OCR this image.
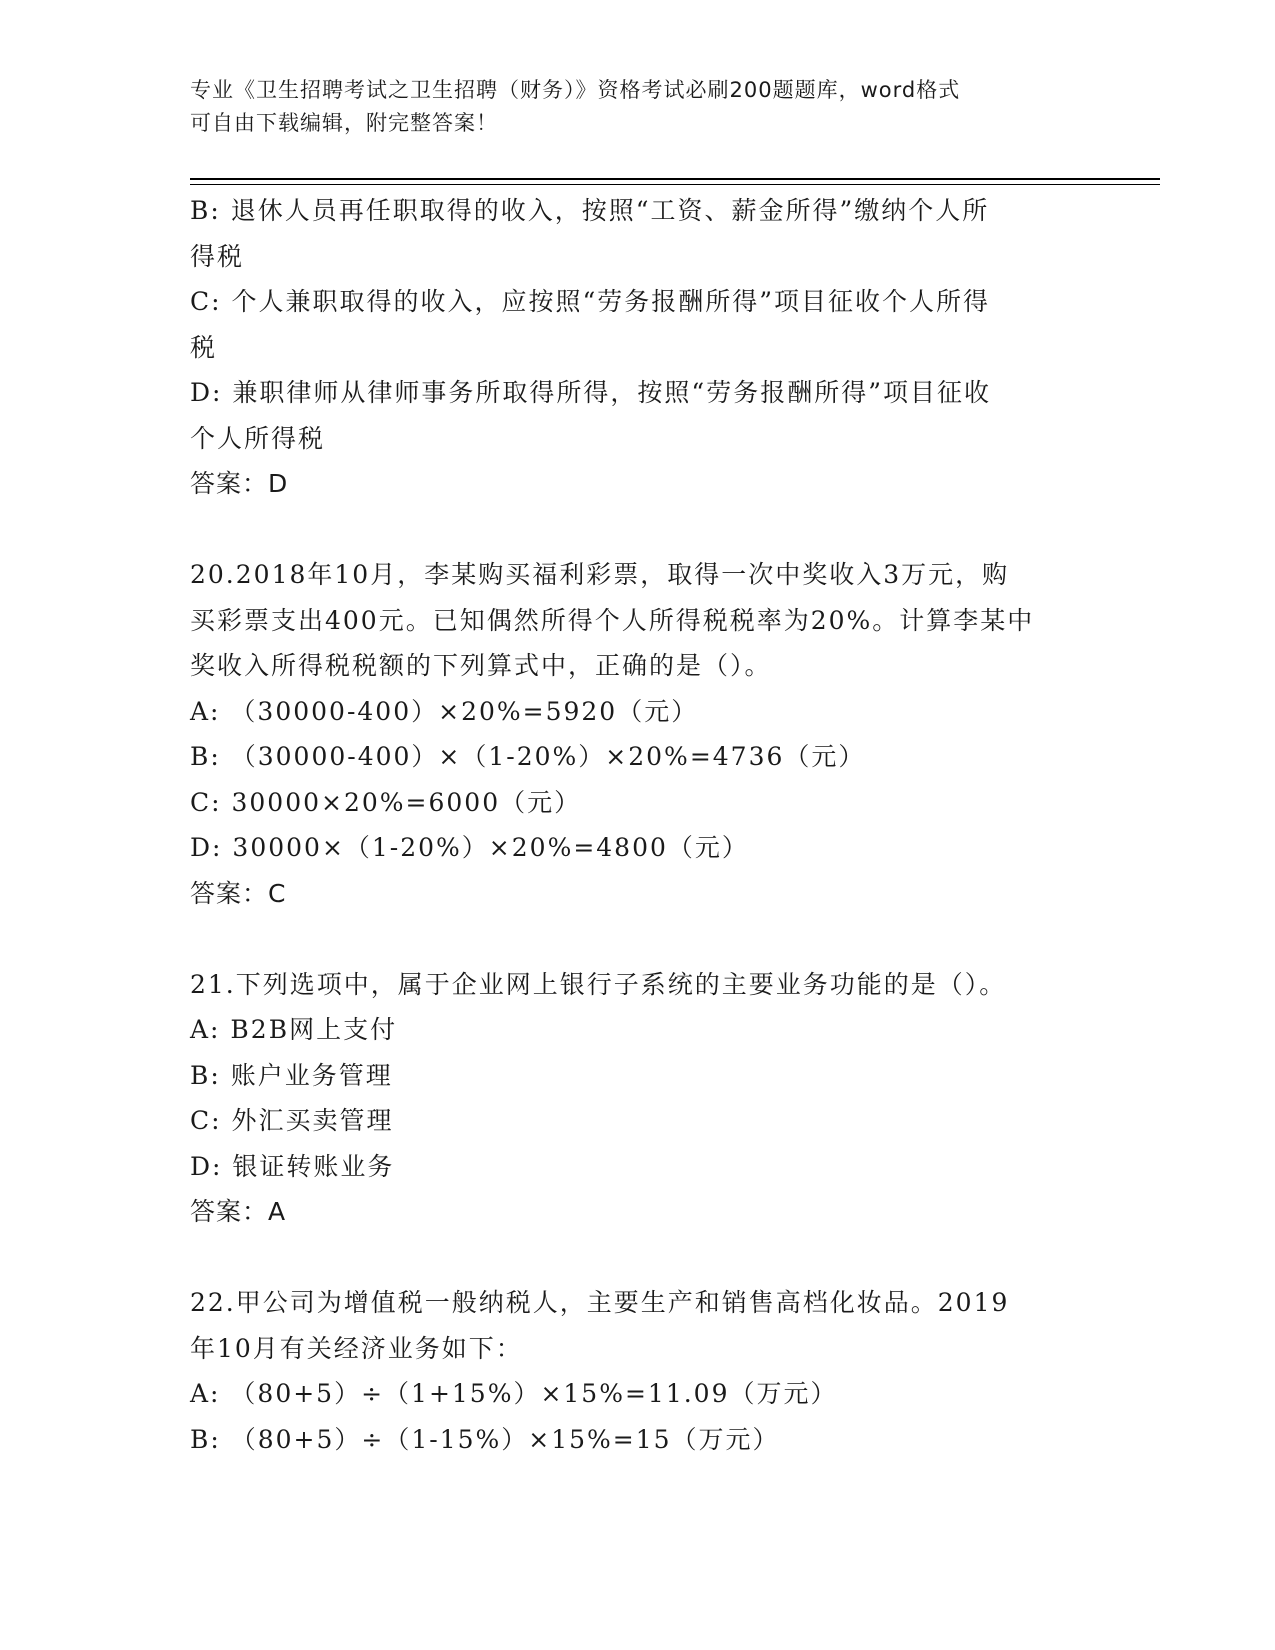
专业《卫生招聘考试之卫生招聘（财务）》资格考试必刷200题题库，word格式
可自由下载编辑，附完整答案！
B: 退休人员再任职取得的收入，按照“工资、薪金所得”缴纳个人所
得税
C: 个人兼职取得的收入，应按照“劳务报酬所得”项目征收个人所得
税
D: 兼职律师从律师事务所取得所得，按照“劳务报酬所得”项目征收
个人所得税
答案：D
20.2018年10月，李某购买福利彩票，取得一次中奖收入3万元，购
买彩票支出400元。已知偶然所得个人所得税税率为20%。计算李某中
奖收入所得税税额的下列算式中，正确的是（）。
A: （30000-400）×20%=5920（元）
B: （30000-400）×（1-20%）×20%=4736（元）
C: 30000×20%=6000（元）
D: 30000×（1-20%）×20%=4800（元）
答案：C
21.下列选项中，属于企业网上银行子系统的主要业务功能的是（）。
A: B2B网上支付
B: 账户业务管理
C: 外汇买卖管理
D: 银证转账业务
答案：A
22.甲公司为增值税一般纳税人，主要生产和销售高档化妆品。2019
年10月有关经济业务如下：
A: （80+5）÷（1+15%）×15%=11.09（万元）
B: （80+5）÷（1-15%）×15%=15（万元）
